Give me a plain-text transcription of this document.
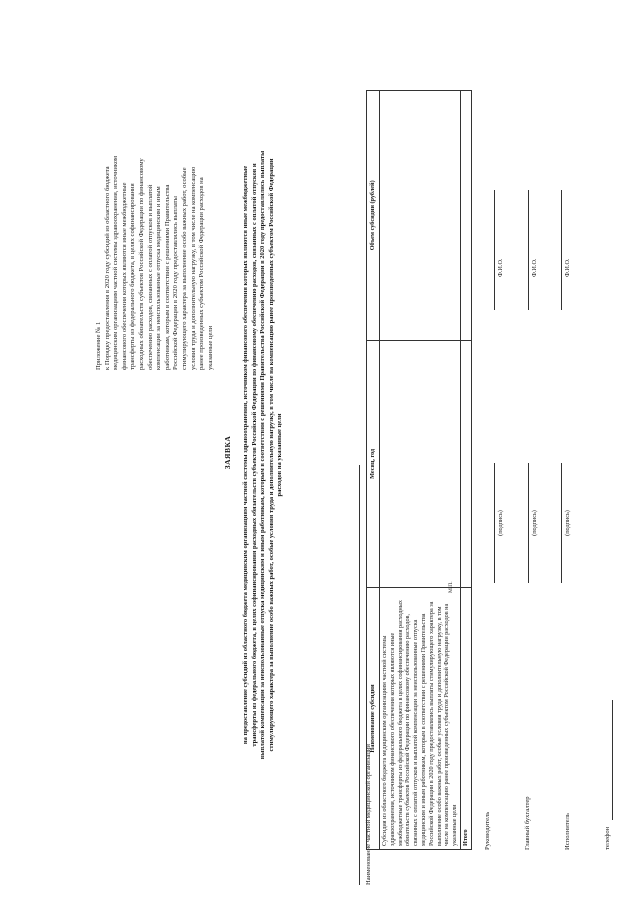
Приложение № 1 к Порядку предоставления в 2020 году субсидий из областного бюджета медицинским организациям частной системы здравоохранения, источником финансового обеспечения которых являются иные межбюджетные трансферты из федерального бюджета, в целях софинансирования расходных обязательств субъектов Российской Федерации по финансовому обеспечению расходов, связанных с оплатой отпусков и выплатой компенсации за неиспользованные отпуска медицинским и иным работникам, которым в соответствии с решениями Правительства Российской Федерации в 2020 году предоставлялись выплаты стимулирующего характера за выполнение особо важных работ, особые условия труда и дополнительную нагрузку, в том числе на компенсацию ранее произведенных субъектом Российской Федерации расходов на указанные цели
ЗАЯВКА на предоставление субсидий из областного бюджета медицинским организациям частной системы здравоохранения, источником финансового обеспечения которых являются иные межбюджетные трансферты из федерального бюджета, в целях софинансирования расходных обязательств субъектов Российской Федерации по финансовому обеспечению расходов, связанных с оплатой отпусков и выплатой компенсации за неиспользованные отпуска медицинским и иным работникам, которым в соответствии с решениями Правительства Российской Федерации в 2020 году предоставлялись выплаты стимулирующего характера за выполнение особо важных работ, особые условия труда и дополнительную нагрузку, в том числе на компенсацию ранее произведенных субъектом Российской Федерации расходов на указанные цели
Наименование частной медицинской организации
Наименование субсидии	Месяц, год	Объем субсидии (рублей)
Субсидия из областного бюджета медицинским организациям частной системы здравоохранения, источником финансового обеспечения которых являются иные межбюджетные трансферты из федерального бюджета в целях софинансирования расходных обязательств субъектов Российской Федерации по финансовому обеспечению расходов, связанных с оплатой отпусков и выплатой компенсации за неиспользованные отпуска медицинским и иным работникам, которым в соответствии с решениями Правительства Российской Федерации в 2020 году предоставлялись выплаты стимулирующего характера за выполнение особо важных работ, особые условия труда и дополнительную нагрузку, в том числе на компенсацию ранее произведенных субъектом Российской Федерации расходов на указанные цели		
Итого		
М.П.
Руководитель
(подпись)
Ф.И.О.
Главный бухгалтер
(подпись)
Ф.И.О.
Исполнитель
(подпись)
Ф.И.О.
телефон
